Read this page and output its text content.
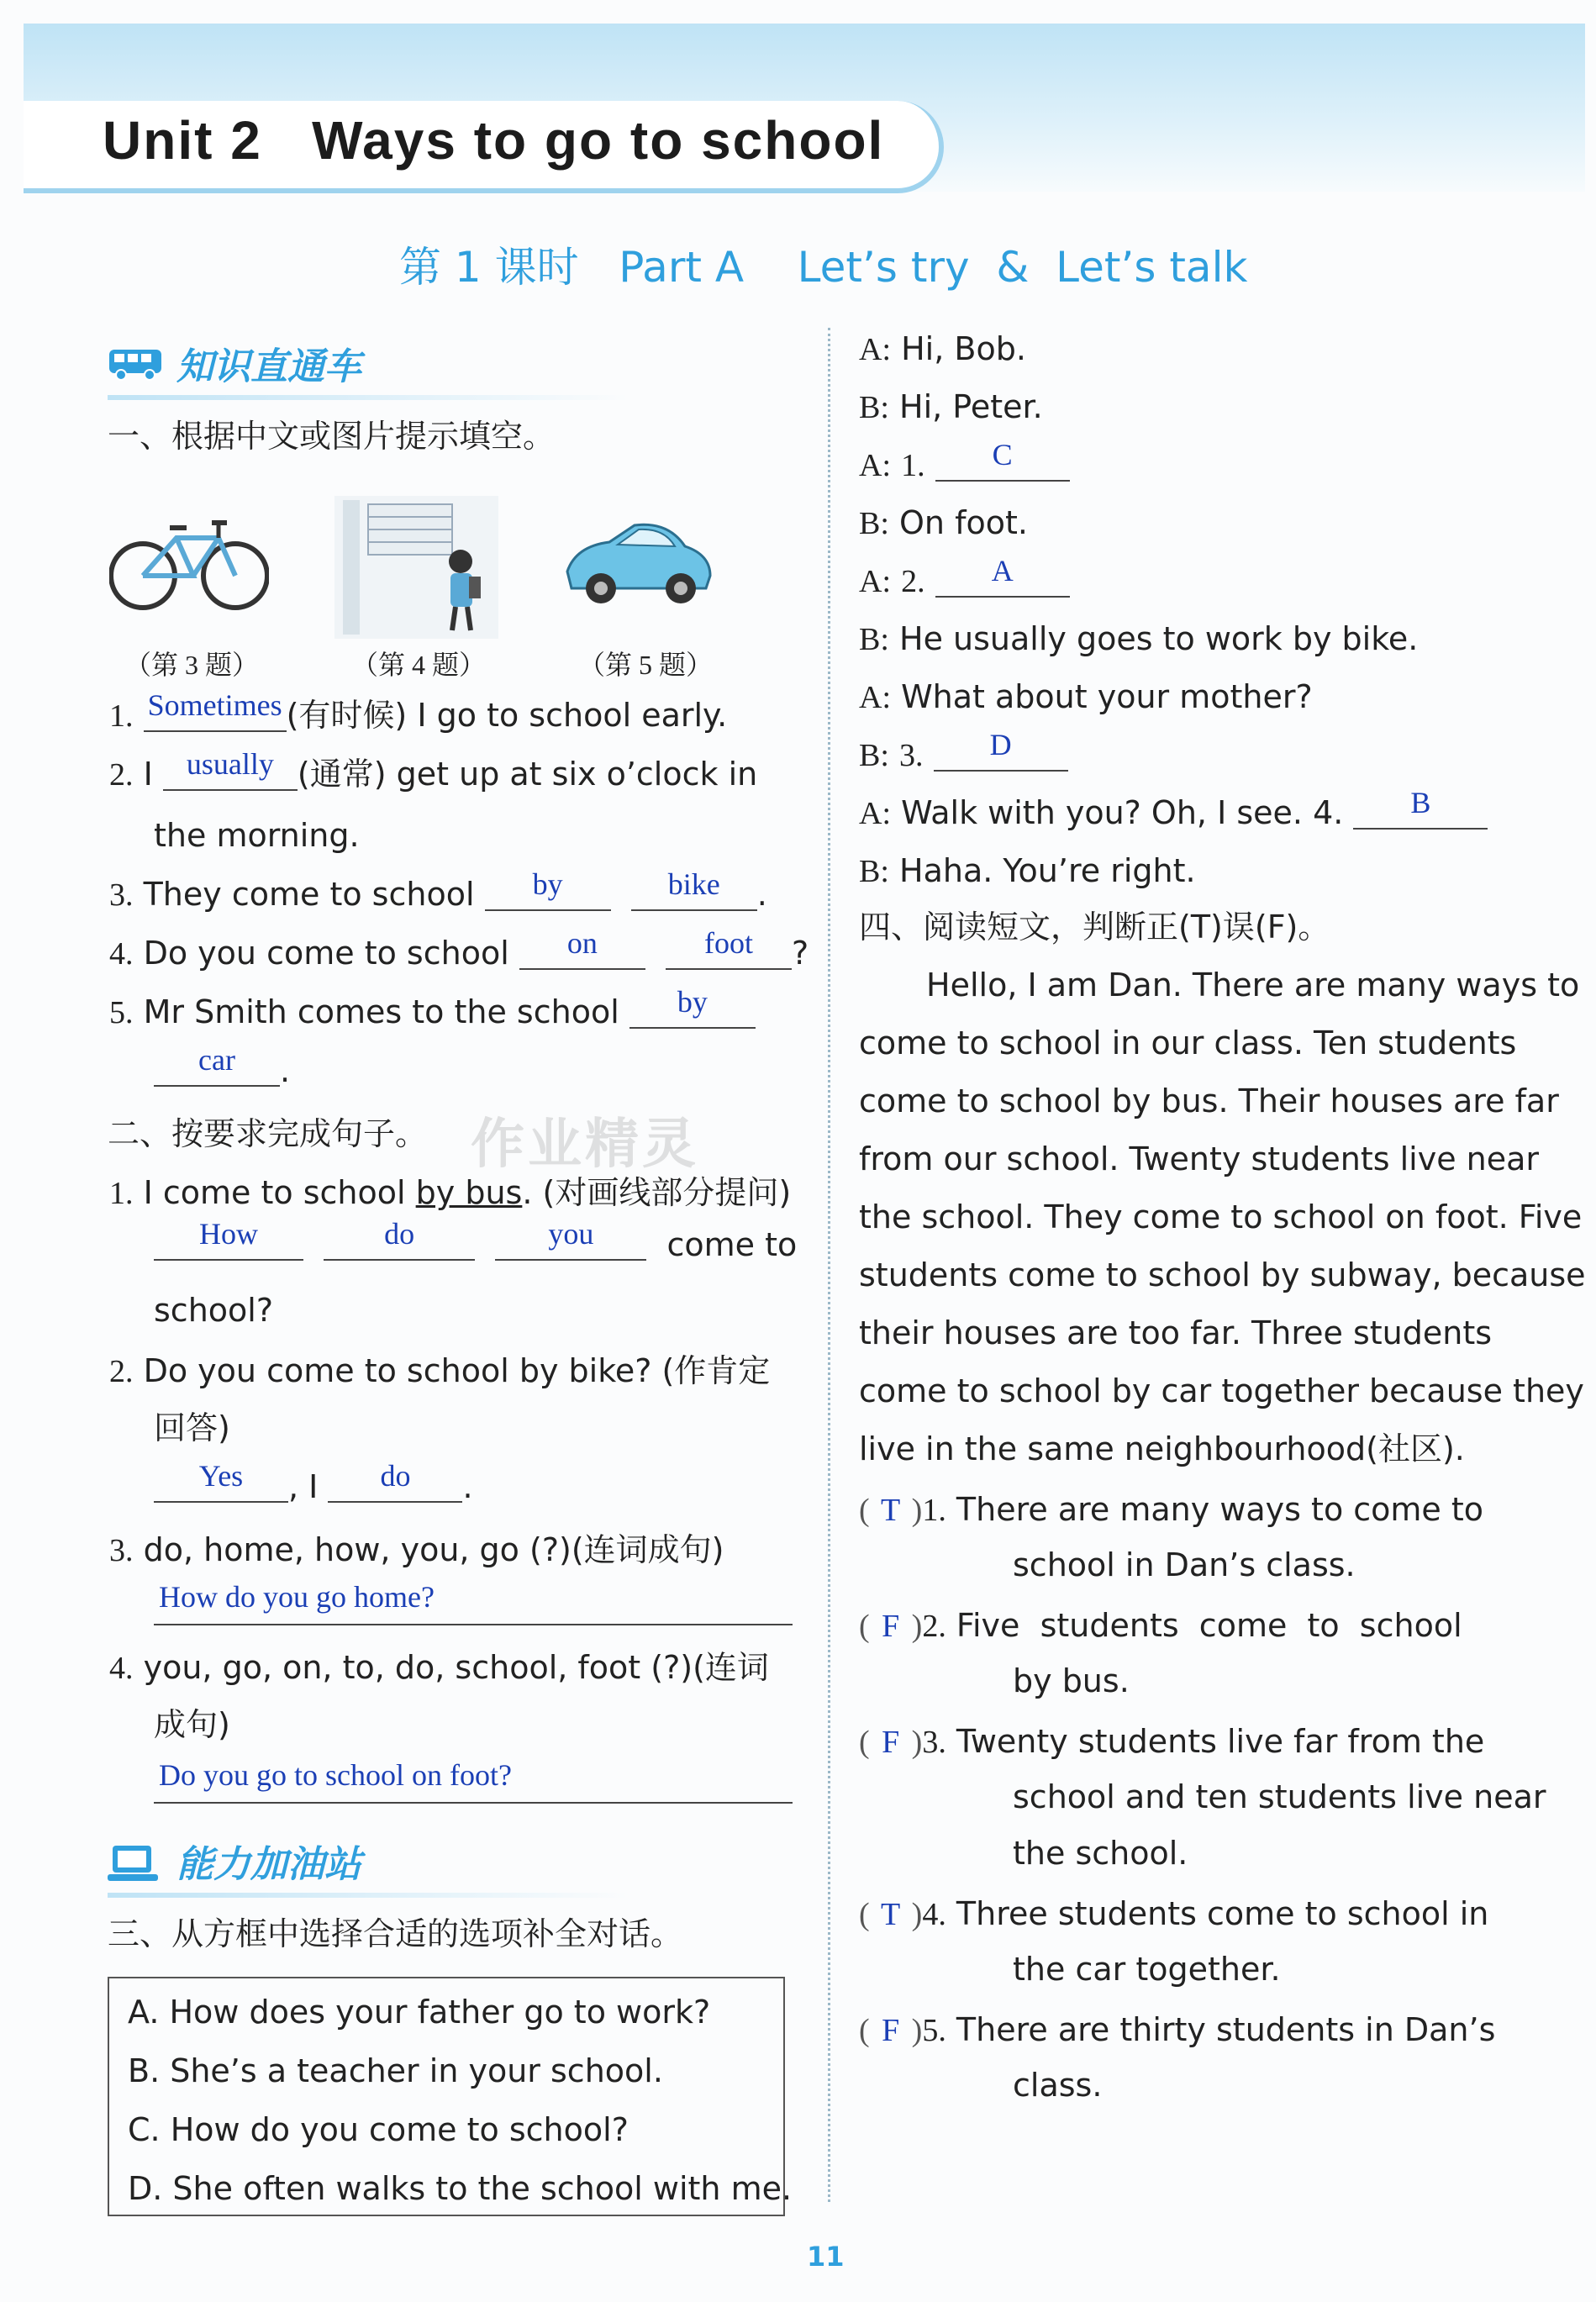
Unit 2   Ways to go to school
第 1 课时   Part A    Let’s try  &  Let’s talk
知识直通车
一、根据中文或图片提示填空。
（第 3 题）	（第 4 题）	（第 5 题）
1. Sometimes (有时候) I go to school early.
2. I usually (通常) get up at six o’clock in
the morning.
3. They come to school by	bike .
4. Do you come to school on	foot ?
5. Mr Smith comes to the school by
car .
二、按要求完成句子。 作业精灵
1. I come to school by bus. (对画线部分提问)
How	do	you come to
school?
2. Do you come to school by bike? (作肯定
回答)
Yes , I do .
3. do, home, how, you, go (?)(连词成句)
How do you go home?
4. you, go, on, to, do, school, foot (?)(连词
成句)
Do you go to school on foot?
能力加油站
三、从方框中选择合适的选项补全对话。
A. How does your father go to work?
B. She’s a teacher in your school.
C. How do you come to school?
D. She often walks to the school with me.
A: Hi, Bob.
B: Hi, Peter.
A: 1. C
B: On foot.
A: 2. A
B: He usually goes to work by bike.
A: What about your mother?
B: 3. D
A: Walk with you? Oh, I see. 4. B
B: Haha. You’re right.
四、阅读短文，判断正(T)误(F)。
Hello, I am Dan. There are many ways to
come to school in our class. Ten students
come to school by bus. Their houses are far
from our school. Twenty students live near
the school. They come to school on foot. Five
students come to school by subway, because
their houses are too far. Three students
come to school by car together because they
live in the same neighbourhood(社区).
( T )1. There are many ways to come to
school in Dan’s class.
( F )2. Five  students  come  to  school
by bus.
( F )3. Twenty students live far from the
school and ten students live near
the school.
( T )4. Three students come to school in
the car together.
( F )5. There are thirty students in Dan’s
class.
11
